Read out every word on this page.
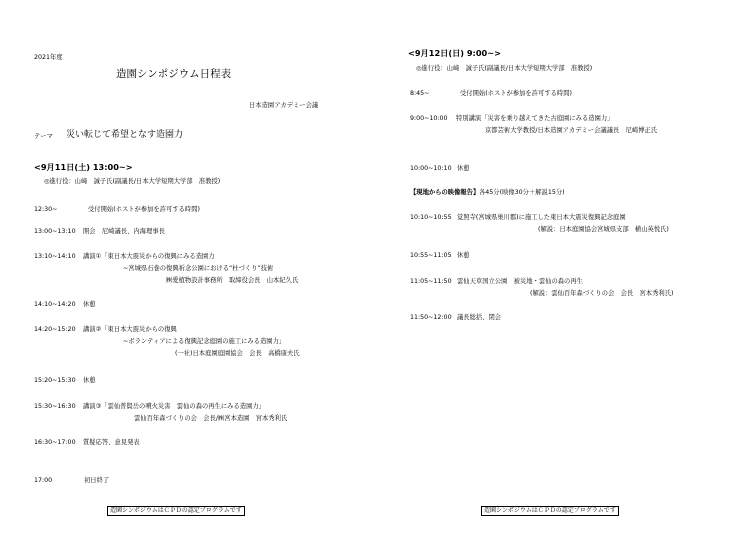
2021年度
造園シンポジウム日程表
日本造園アカデミー会議
テーマ 災い転じて希望となす造園力
<9月11日(土) 13:00~>
◎進行役：山﨑　誠子氏(副議長/日本大学短期大学部　准教授)
12:30~	受付開始(ホストが参加を許可する時間)
13:00~13:10 開会　尼崎議長、内海理事長
13:10~14:10 講演①「東日本大震災からの復興にみる造園力
~宮城県石巻の復興祈念公園における“杜づくり”技術
㈱愛植物設計事務所　取締役会長　山本紀久氏
14:10~14:20 休憩
14:20~15:20 講演②「東日本大震災からの復興
~ボランティアによる復興記念庭園の施工にみる造園力」
(一社)日本庭園庭園協会　会長　高橋康夫氏
15:20~15:30 休憩
15:30~16:30 講演③「雲仙普賢岳の噴火災害　雲仙の森の再生にみる造園力」
雲仙百年森づくりの会　会長/㈱宮本造園　宮本秀利氏
16:30~17:00 質疑応答、意見発表
17:00	初日終了
造園シンポジウムはＣＰＤの認定プログラムです
<9月12日(日) 9:00~>
◎進行役：山﨑　誠子氏(副議長/日本大学短期大学部　准教授)
8:45~	受付開始(ホストが参加を許可する時間)
9:00~10:00 特別講演「災害を乗り越えてきた古庭園にみる造園力」
京都芸術大学教授/日本造園アカデミー会議議長　尼崎博正氏
10:00~10:10 休憩
【現地からの映像報告】 各45分(映像30分＋解説15分)
10:10~10:55 覚照寺(宮城県巣川郡)に施工した東日本大震災復興記念庭園
(解説：日本庭園協会宮城県支部　横山英悦氏)
10:55~11:05 休憩
11:05~11:50 雲仙天草国立公園　被災地・雲仙の森の再生
(解説：雲仙百年森づくりの会　会長　宮本秀利氏)
11:50~12:00 議長総括、閉会
造園シンポジウムはＣＰＤの認定プログラムです
